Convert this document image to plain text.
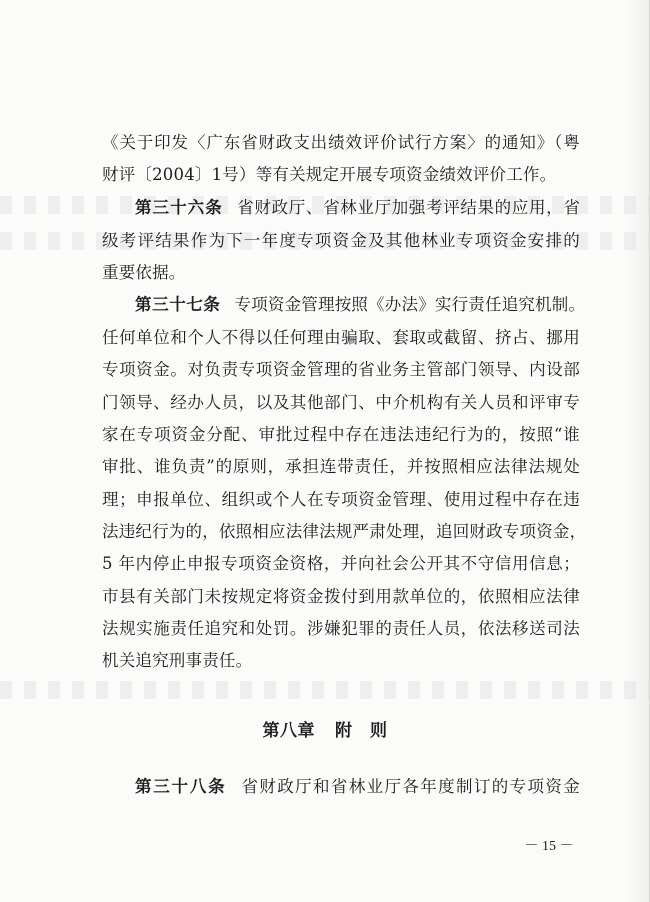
《关于印发〈广东省财政支出绩效评价试行方案〉的通知》（粤
财评〔2004〕1号）等有关规定开展专项资金绩效评价工作。
第三十六条 省财政厅、省林业厅加强考评结果的应用，省
级考评结果作为下一年度专项资金及其他林业专项资金安排的
重要依据。
第三十七条 专项资金管理按照《办法》实行责任追究机制。
任何单位和个人不得以任何理由骗取、套取或截留、挤占、挪用
专项资金。对负责专项资金管理的省业务主管部门领导、内设部
门领导、经办人员，以及其他部门、中介机构有关人员和评审专
家在专项资金分配、审批过程中存在违法违纪行为的，按照“谁
审批、谁负责”的原则，承担连带责任，并按照相应法律法规处
理；申报单位、组织或个人在专项资金管理、使用过程中存在违
法违纪行为的，依照相应法律法规严肃处理，追回财政专项资金，
5 年内停止申报专项资金资格，并向社会公开其不守信用信息；
市县有关部门未按规定将资金拨付到用款单位的，依照相应法律
法规实施责任追究和处罚。涉嫌犯罪的责任人员，依法移送司法
机关追究刑事责任。
第八章 附　则
第三十八条 省财政厅和省林业厅各年度制订的专项资金
－ 15 －
